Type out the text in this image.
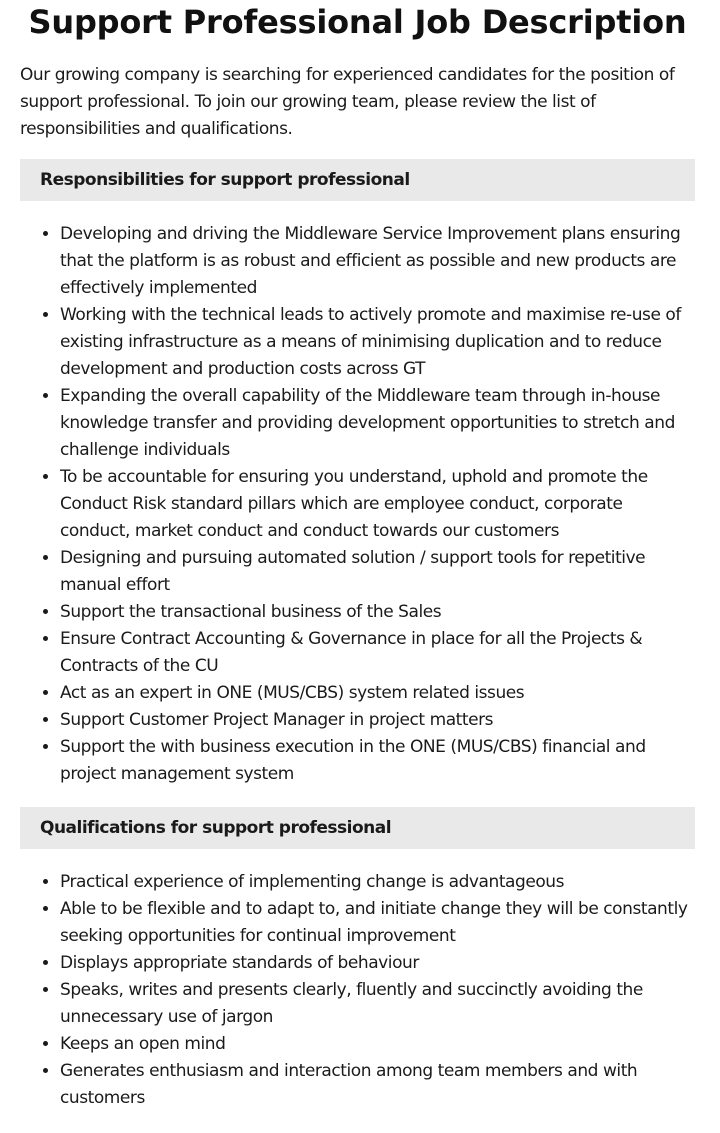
Support Professional Job Description

Our growing company is searching for experienced candidates for the position of support professional. To join our growing team, please review the list of responsibilities and qualifications.

Responsibilities for support professional
• Developing and driving the Middleware Service Improvement plans ensuring that the platform is as robust and efficient as possible and new products are effectively implemented
• Working with the technical leads to actively promote and maximise re-use of existing infrastructure as a means of minimising duplication and to reduce development and production costs across GT
• Expanding the overall capability of the Middleware team through in-house knowledge transfer and providing development opportunities to stretch and challenge individuals
• To be accountable for ensuring you understand, uphold and promote the Conduct Risk standard pillars which are employee conduct, corporate conduct, market conduct and conduct towards our customers
• Designing and pursuing automated solution / support tools for repetitive manual effort
• Support the transactional business of the Sales
• Ensure Contract Accounting & Governance in place for all the Projects & Contracts of the CU
• Act as an expert in ONE (MUS/CBS) system related issues
• Support Customer Project Manager in project matters
• Support the with business execution in the ONE (MUS/CBS) financial and project management system
Qualifications for support professional
• Practical experience of implementing change is advantageous
• Able to be flexible and to adapt to, and initiate change they will be constantly seeking opportunities for continual improvement
• Displays appropriate standards of behaviour
• Speaks, writes and presents clearly, fluently and succinctly avoiding the unnecessary use of jargon
• Keeps an open mind
• Generates enthusiasm and interaction among team members and with customers
